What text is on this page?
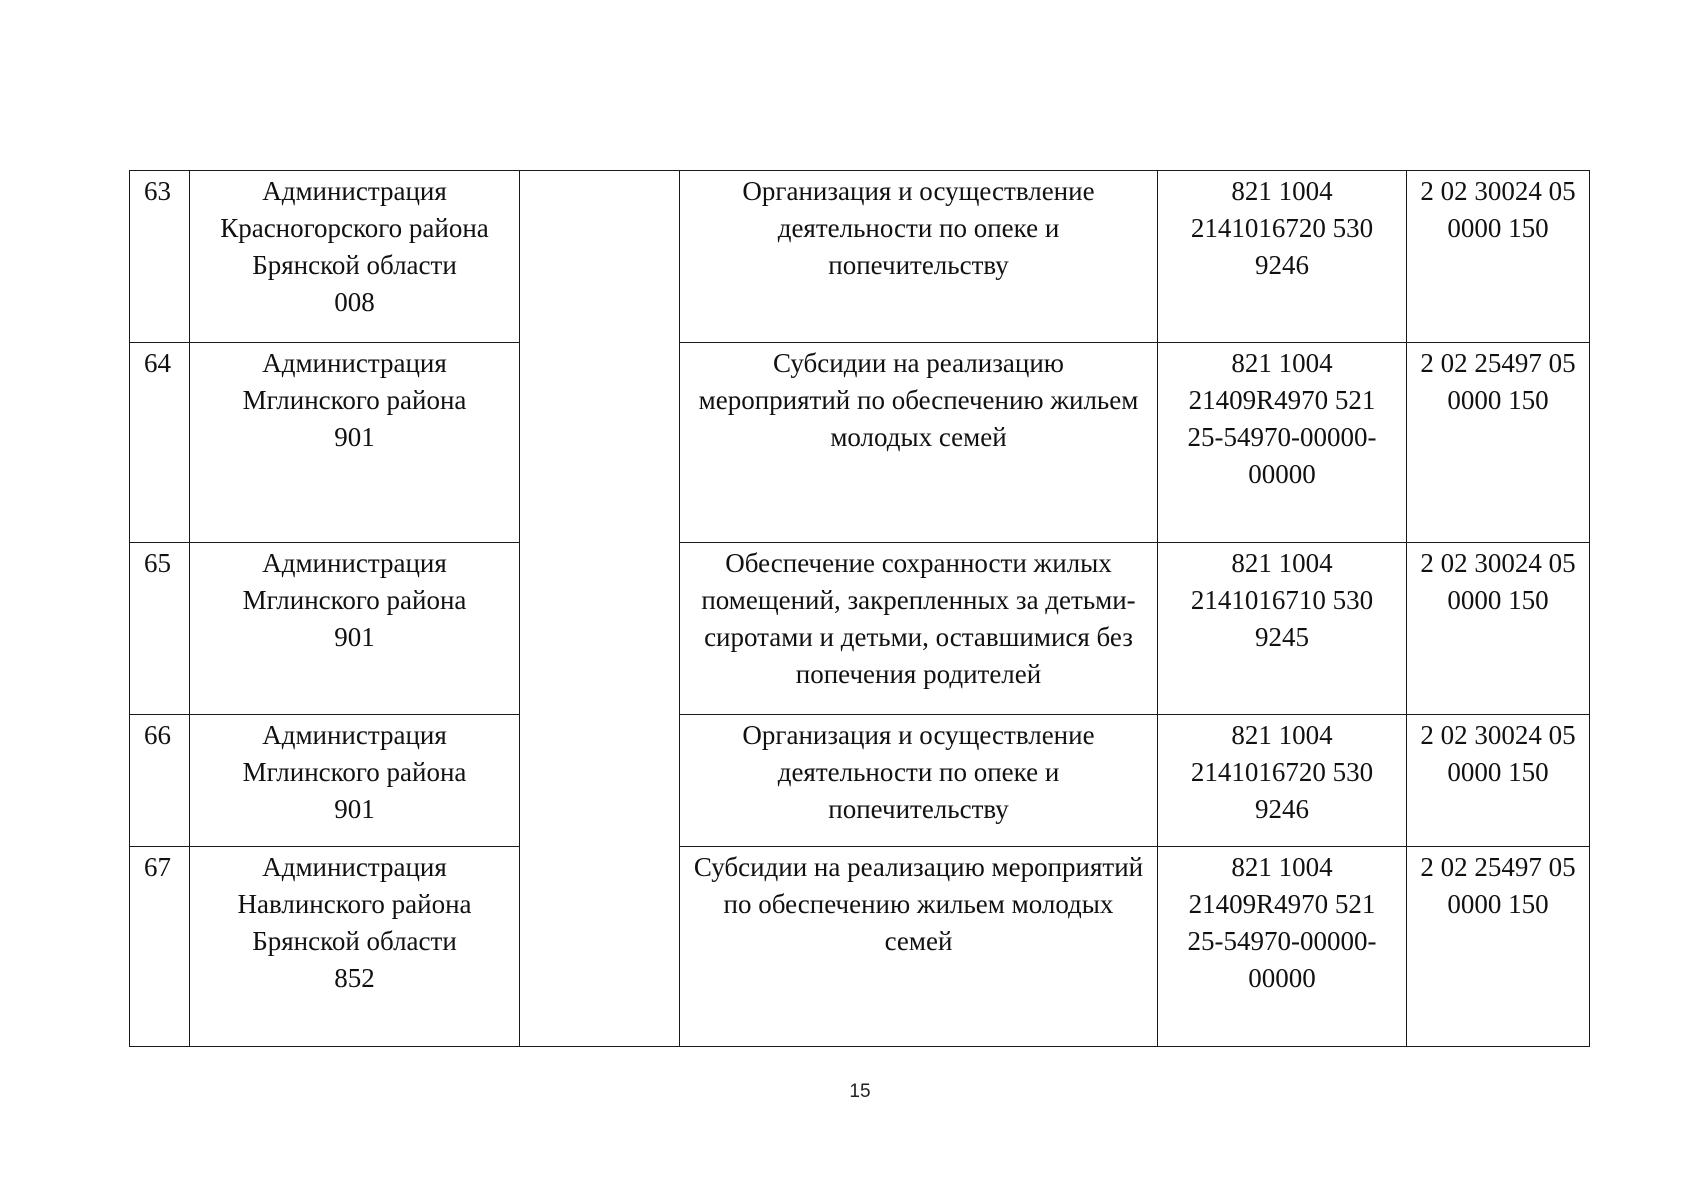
63	Администрация
Красногорского района
Брянской области
008		Организация и осуществление
деятельности по опеке и
попечительству	821 1004
2141016720 530
9246	2 02 30024 05
0000 150

64	Администрация
Мглинского района
901		Субсидии на реализацию
мероприятий по обеспечению жильем
молодых семей	821 1004
21409R4970 521
25-54970-00000-
00000	2 02 25497 05
0000 150

65	Администрация
Мглинского района
901		Обеспечение сохранности жилых
помещений, закрепленных за детьми-
сиротами и детьми, оставшимися без
попечения родителей	821 1004
2141016710 530
9245	2 02 30024 05
0000 150

66	Администрация
Мглинского района
901		Организация и осуществление
деятельности по опеке и
попечительству	821 1004
2141016720 530
9246	2 02 30024 05
0000 150

67	Администрация
Навлинского района
Брянской области
852		Субсидии на реализацию мероприятий
по обеспечению жильем молодых
семей	821 1004
21409R4970 521
25-54970-00000-
00000	2 02 25497 05
0000 150
15
